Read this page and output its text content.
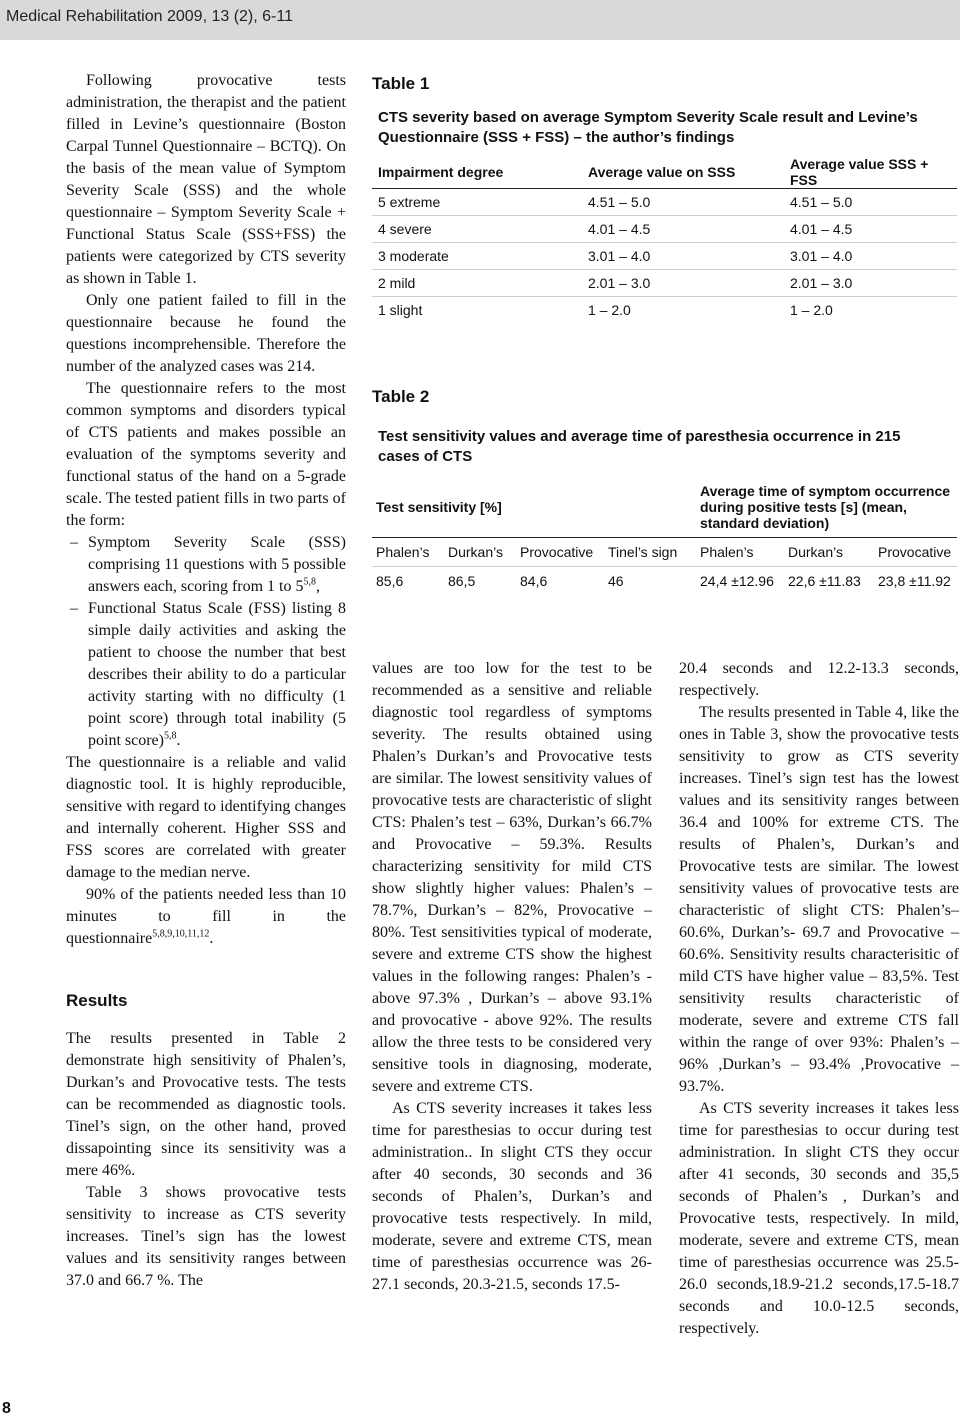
Medical Rehabilitation 2009, 13 (2), 6-11

Following provocative tests administration, the therapist and the patient filled in Levine’s questionnaire (Boston Carpal Tunnel Questionnaire – BCTQ). On the basis of the mean value of Symptom Severity Scale (SSS) and the whole questionnaire – Symptom Severity Scale + Functional Status Scale (SSS+FSS) the patients were categorized by CTS severity as shown in Table 1.

Only one patient failed to fill in the questionnaire because he found the questions incomprehensible. Therefore the number of the analyzed cases was 214.

The questionnaire refers to the most common symptoms and disorders typical of CTS patients and makes possible an evaluation of the symptoms severity and functional status of the hand on a 5-grade scale. The tested patient fills in two parts of the form:

– Symptom Severity Scale (SSS) comprising 11 questions with 5 possible answers each, scoring from 1 to 5$^{5,8}$,
– Functional Status Scale (FSS) listing 8 simple daily activities and asking the patient to choose the number that best describes their ability to do a particular activity starting with no difficulty (1 point score) through total inability (5 point score)$^{5,8}$.

The questionnaire is a reliable and valid diagnostic tool. It is highly reproducible, sensitive with regard to identifying changes and internally coherent. Higher SSS and FSS scores are correlated with greater damage to the median nerve.

90% of the patients needed less than 10 minutes to fill in the questionnaire$^{5,8,9,10,11,12}$.

Results

The results presented in Table 2 demonstrate high sensitivity of Phalen’s, Durkan’s and Provocative tests. The tests can be recommended as diagnostic tools. Tinel’s sign, on the other hand, proved dissapointing since its sensitivity was a mere 46%.

Table 3 shows provocative tests sensitivity to increase as CTS severity increases. Tinel’s sign has the lowest values and its sensitivity ranges between 37.0 and 66.7 %. The

Table 1
CTS severity based on average Symptom Severity Scale result and Levine’s Questionnaire (SSS + FSS) – the author’s findings
Impairment degree	Average value on SSS	Average value SSS + FSS
5 extreme	4.51 – 5.0	4.51 – 5.0
4 severe	4.01 – 4.5	4.01 – 4.5
3 moderate	3.01 – 4.0	3.01 – 4.0
2 mild	2.01 – 3.0	2.01 – 3.0
1 slight	1 – 2.0	1 – 2.0
Table 2
Test sensitivity values and average time of paresthesia occurrence in 215 cases of CTS
Test sensitivity [%]				Average time of symptom occurrence during positive tests [s] (mean, standard deviation)		
Phalen’s	Durkan’s	Provocative	Tinel’s sign	Phalen’s	Durkan’s	Provocative
85,6	86,5	84,6	46	24,4 ±12.96	22,6 ±11.83	23,8 ±11.92

values are too low for the test to be recommended as a sensitive and reliable diagnostic tool regardless of symptoms severity. The results obtained using Phalen’s Durkan’s and Provocative tests are similar. The lowest sensitivity values of provocative tests are characteristic of slight CTS: Phalen’s test – 63%, Durkan’s 66.7% and Provocative – 59.3%. Results characterizing sensitivity for mild CTS show slightly higher values: Phalen’s – 78.7%, Durkan’s – 82%, Provocative – 80%. Test sensitivities typical of moderate, severe and extreme CTS show the highest values in the following ranges: Phalen’s - above 97.3% , Durkan’s – above 93.1% and provocative - above 92%. The results allow the three tests to be considered very sensitive tools in diagnosing, moderate, severe and extreme CTS.

As CTS severity increases it takes less time for paresthesias to occur during test administration.. In slight CTS they occur after 40 seconds, 30 seconds and 36 seconds of Phalen’s, Durkan’s and provocative tests respectively. In mild, moderate, severe and extreme CTS, mean time of paresthesias occurrence was 26-27.1 seconds, 20.3-21.5, seconds 17.5-

20.4 seconds and 12.2-13.3 seconds, respectively.

The results presented in Table 4, like the ones in Table 3, show the provocative tests sensitivity to grow as CTS severity increases. Tinel’s sign test has the lowest values and its sensitivity ranges between 36.4 and 100% for extreme CTS. The results of Phalen’s, Durkan’s and Provocative tests are similar. The lowest sensitivity values of provocative tests are characteristic of slight CTS: Phalen’s– 60.6%, Durkan’s- 69.7 and Provocative – 60.6%. Sensitivity results characterisitic of mild CTS have higher value – 83,5%. Test sensitivity results characteristic of moderate, severe and extreme CTS fall within the range of over 93%: Phalen’s – 96% ,Durkan’s – 93.4% ,Provocative – 93.7%.

As CTS severity increases it takes less time for paresthesias to occur during test administration. In slight CTS they occur after 41 seconds, 30 seconds and 35,5 seconds of Phalen’s , Durkan’s and Provocative tests, respectively. In mild, moderate, severe and extreme CTS, mean time of paresthesias occurrence was 25.5-26.0 seconds,18.9-21.2 seconds,17.5-18.7 seconds and 10.0-12.5 seconds, respectively.

8
